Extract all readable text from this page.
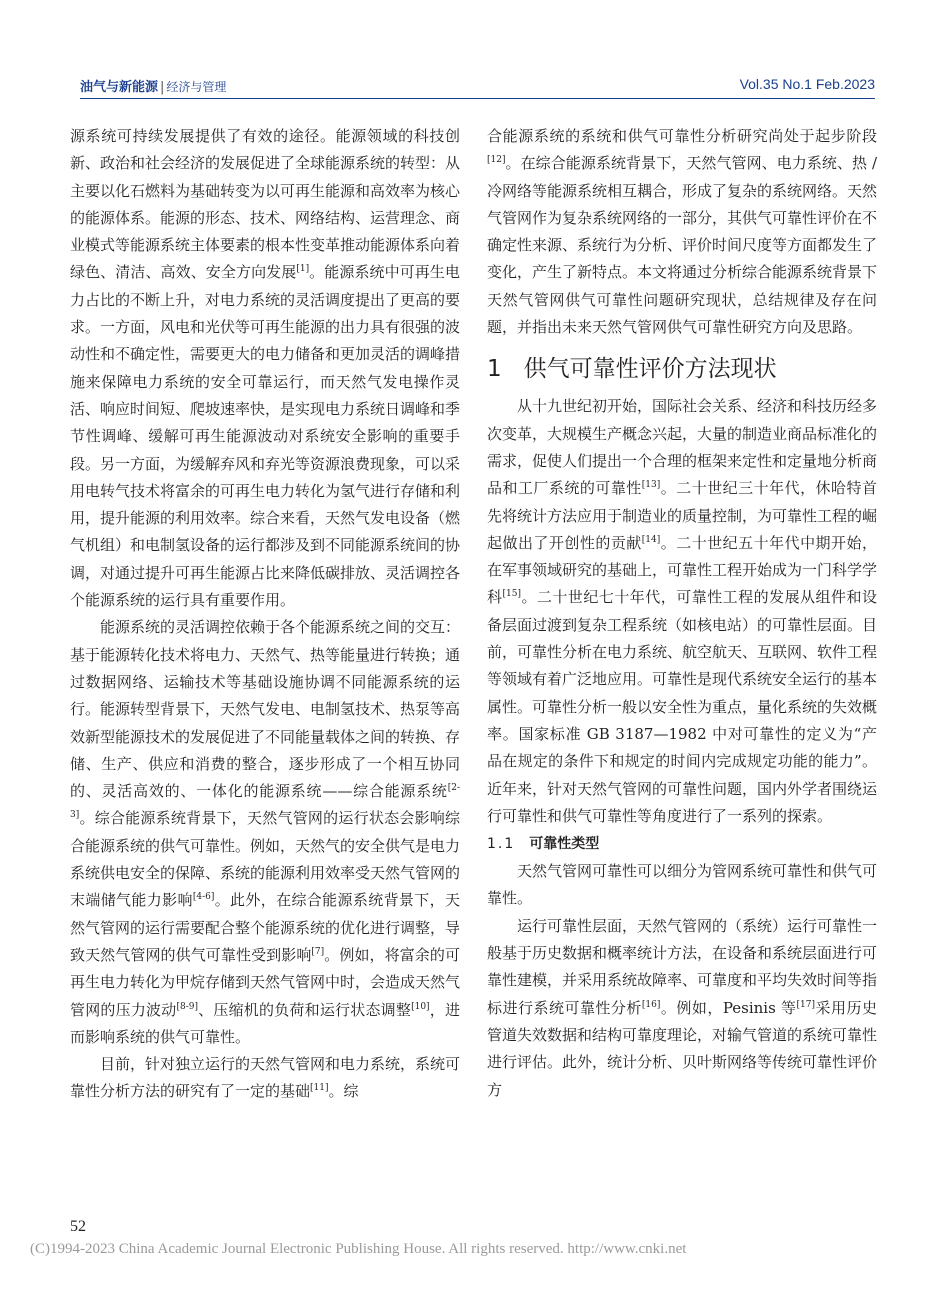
油气与新能源 | 经济与管理	Vol.35 No.1 Feb.2023

源系统可持续发展提供了有效的途径。能源领域的科技创新、政治和社会经济的发展促进了全球能源系统的转型：从主要以化石燃料为基础转变为以可再生能源和高效率为核心的能源体系。能源的形态、技术、网络结构、运营理念、商业模式等能源系统主体要素的根本性变革推动能源体系向着绿色、清洁、高效、安全方向发展[1]。能源系统中可再生电力占比的不断上升，对电力系统的灵活调度提出了更高的要求。一方面，风电和光伏等可再生能源的出力具有很强的波动性和不确定性，需要更大的电力储备和更加灵活的调峰措施来保障电力系统的安全可靠运行，而天然气发电操作灵活、响应时间短、爬坡速率快，是实现电力系统日调峰和季节性调峰、缓解可再生能源波动对系统安全影响的重要手段。另一方面，为缓解弃风和弃光等资源浪费现象，可以采用电转气技术将富余的可再生电力转化为氢气进行存储和利用，提升能源的利用效率。综合来看，天然气发电设备（燃气机组）和电制氢设备的运行都涉及到不同能源系统间的协调，对通过提升可再生能源占比来降低碳排放、灵活调控各个能源系统的运行具有重要作用。

能源系统的灵活调控依赖于各个能源系统之间的交互：基于能源转化技术将电力、天然气、热等能量进行转换；通过数据网络、运输技术等基础设施协调不同能源系统的运行。能源转型背景下，天然气发电、电制氢技术、热泵等高效新型能源技术的发展促进了不同能量载体之间的转换、存储、生产、供应和消费的整合，逐步形成了一个相互协同的、灵活高效的、一体化的能源系统——综合能源系统[2-3]。综合能源系统背景下，天然气管网的运行状态会影响综合能源系统的供气可靠性。例如，天然气的安全供气是电力系统供电安全的保障、系统的能源利用效率受天然气管网的末端储气能力影响[4-6]。此外，在综合能源系统背景下，天然气管网的运行需要配合整个能源系统的优化进行调整，导致天然气管网的供气可靠性受到影响[7]。例如，将富余的可再生电力转化为甲烷存储到天然气管网中时，会造成天然气管网的压力波动[8-9]、压缩机的负荷和运行状态调整[10]，进而影响系统的供气可靠性。

目前，针对独立运行的天然气管网和电力系统，系统可靠性分析方法的研究有了一定的基础[11]。综

合能源系统的系统和供气可靠性分析研究尚处于起步阶段[12]。在综合能源系统背景下，天然气管网、电力系统、热 / 冷网络等能源系统相互耦合，形成了复杂的系统网络。天然气管网作为复杂系统网络的一部分，其供气可靠性评价在不确定性来源、系统行为分析、评价时间尺度等方面都发生了变化，产生了新特点。本文将通过分析综合能源系统背景下天然气管网供气可靠性问题研究现状，总结规律及存在问题，并指出未来天然气管网供气可靠性研究方向及思路。

1 供气可靠性评价方法现状

从十九世纪初开始，国际社会关系、经济和科技历经多次变革，大规模生产概念兴起，大量的制造业商品标准化的需求，促使人们提出一个合理的框架来定性和定量地分析商品和工厂系统的可靠性[13]。二十世纪三十年代，休哈特首先将统计方法应用于制造业的质量控制，为可靠性工程的崛起做出了开创性的贡献[14]。二十世纪五十年代中期开始，在军事领域研究的基础上，可靠性工程开始成为一门科学学科[15]。二十世纪七十年代，可靠性工程的发展从组件和设备层面过渡到复杂工程系统（如核电站）的可靠性层面。目前，可靠性分析在电力系统、航空航天、互联网、软件工程等领域有着广泛地应用。可靠性是现代系统安全运行的基本属性。可靠性分析一般以安全性为重点，量化系统的失效概率。国家标准 GB 3187—1982 中对可靠性的定义为“产品在规定的条件下和规定的时间内完成规定功能的能力”。近年来，针对天然气管网的可靠性问题，国内外学者围绕运行可靠性和供气可靠性等角度进行了一系列的探索。

1.1 可靠性类型

天然气管网可靠性可以细分为管网系统可靠性和供气可靠性。

运行可靠性层面，天然气管网的（系统）运行可靠性一般基于历史数据和概率统计方法，在设备和系统层面进行可靠性建模，并采用系统故障率、可靠度和平均失效时间等指标进行系统可靠性分析[16]。例如，Pesinis 等[17]采用历史管道失效数据和结构可靠度理论，对输气管道的系统可靠性进行评估。此外，统计分析、贝叶斯网络等传统可靠性评价方

52
(C)1994-2023 China Academic Journal Electronic Publishing House. All rights reserved. http://www.cnki.net
